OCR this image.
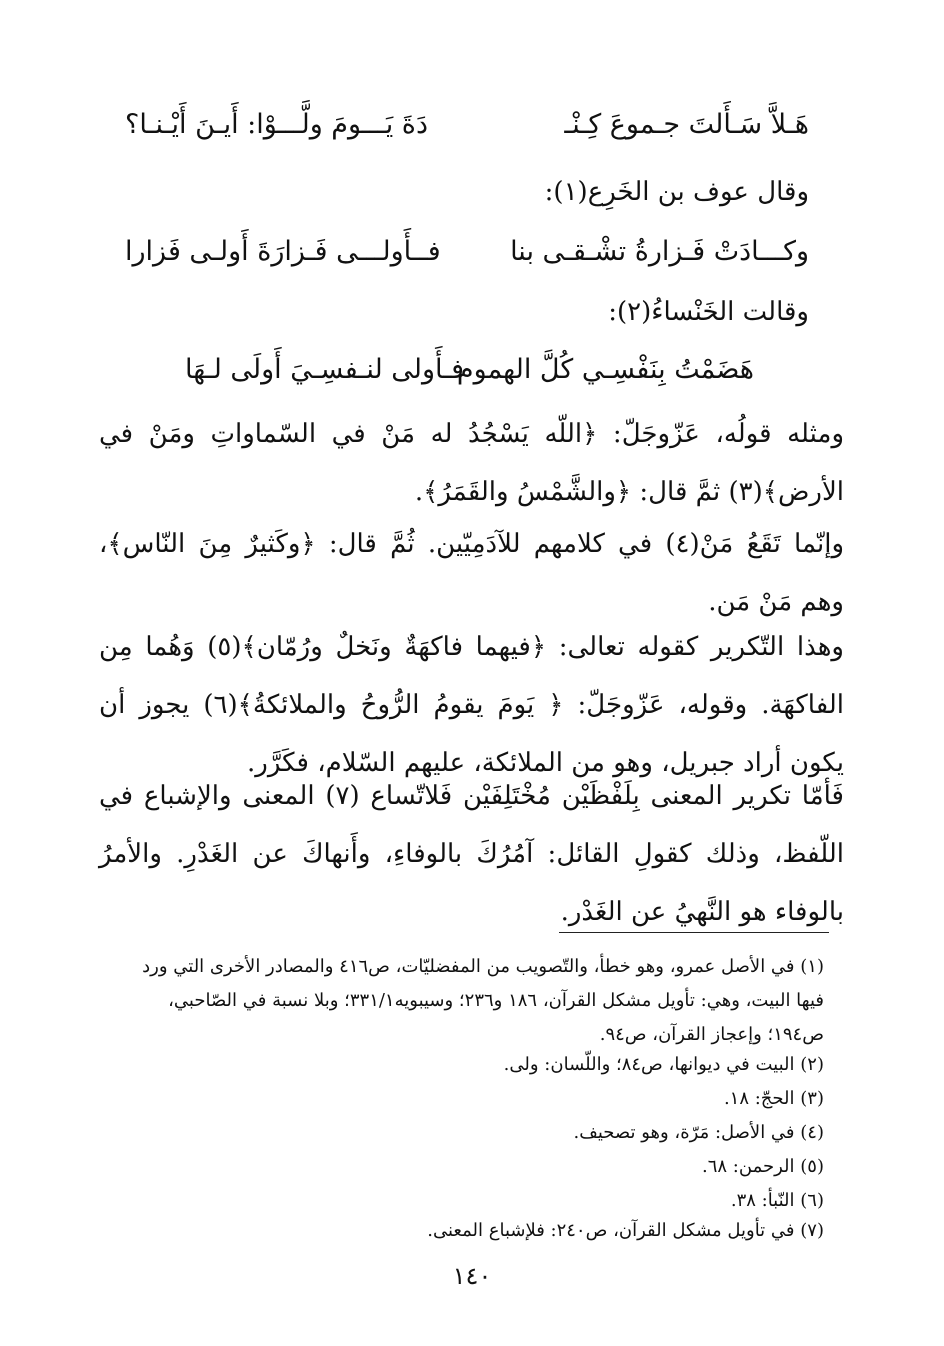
هَـلاَّ سَـأَلتَ جـموعَ كِـنْـ
دَةَ يَـــومَ ولَّـــوْا: أَيـنَ أَيْـنـا؟
وقال عوف بن الخَرِع(١):
وكـــادَتْ فَـزارةُ تشْـقـى بنا
فــأَولـــى فَـزارَةَ أَولـى فَزارا
وقالت الخَنْساءُ(٢):
هَضَمْتُ بِنَفْسِـي كُلَّ الهموم
فـأَولى لنـفسِـيَ أَولَى لـهَا
ومثله قولُه، عَزّوجَلّ: ﴿اللّه يَسْجُدُ له مَنْ في السّماواتِ ومَنْ في الأرض﴾(٣) ثمَّ قال: ﴿والشَّمْسُ والقَمَرُ﴾.
وإنّما تَقَعُ مَنْ(٤) في كلامهم للآدَمِيّين. ثُمَّ قال: ﴿وكَثيرٌ مِنَ النّاس﴾، وهم مَنْ مَن.
وهذا التّكرير كقوله تعالى: ﴿فيهما فاكهَةٌ ونَخلٌ ورُمّان﴾(٥) وَهُما مِن الفاكهَة. وقوله، عَزّوجَلّ: ﴿ يَومَ يقومُ الرُّوحُ والملائكةُ﴾(٦) يجوز أن يكون أراد جبريل، وهو من الملائكة، عليهم السّلام، فكَرَّر.
فَأمّا تكرير المعنى بِلَفْظَيْن مُخْتَلِفَيْن فَلاتّساع (٧) المعنى والإشباع في اللّفظ، وذلك كقولِ القائل: آمُرُكَ بالوفاءِ، وأَنهاكَ عن الغَدْرِ. والأمرُ بالوفاء هو النَّهيُ عن الغَدْر.
(١) في الأصل عمرو، وهو خطأ، والتّصويب من المفضليّات، ص٤١٦ والمصادر الأخرى التي ورد فيها البيت، وهي: تأويل مشكل القرآن، ١٨٦ و٢٣٦؛ وسيبويه٣٣١/١؛ وبلا نسبة في الصّاحبي، ص١٩٤؛ وإعجاز القرآن، ص٩٤.
(٢) البيت في ديوانها، ص٨٤؛ واللّسان: ولى.
(٣) الحجّ: ١٨.
(٤) في الأصل: مَرّة، وهو تصحيف.
(٥) الرحمن: ٦٨.
(٦) النّبأ: ٣٨.
(٧) في تأويل مشكل القرآن، ص٢٤٠: فلإشباع المعنى.
١٤٠
